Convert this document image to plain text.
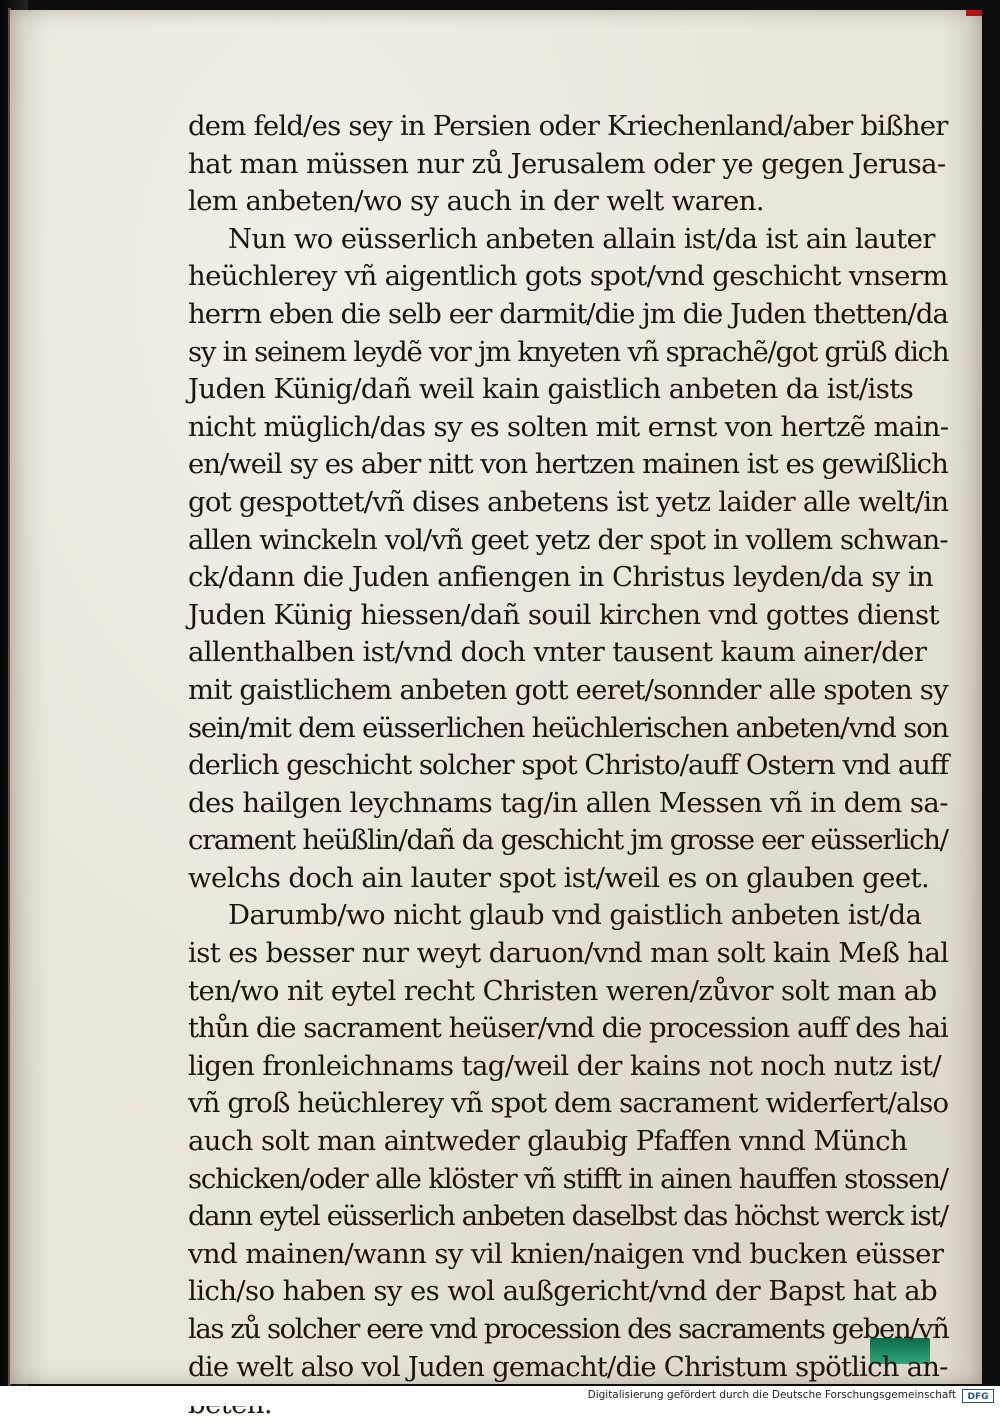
dem feld/es sey in Persien oder Kriechenland/aber bißher
hat man müssen nur zů Jerusalem oder ye gegen Jerusa-
lem anbeten/wo sy auch in der welt waren.
Nun wo eüsserlich anbeten allain ist/da ist ain lauter
heüchlerey vñ aigentlich gots spot/vnd geschicht vnserm
herrn eben die selb eer darmit/die jm die Juden thetten/da
sy in seinem leydẽ vor jm knyeten vñ sprachẽ/got grüß dich
Juden Künig/dañ weil kain gaistlich anbeten da ist/ists
nicht müglich/das sy es solten mit ernst von hertzẽ main-
en/weil sy es aber nitt von hertzen mainen ist es gewißlich
got gespottet/vñ dises anbetens ist yetz laider alle welt/in
allen winckeln vol/vñ geet yetz der spot in vollem schwan-
ck/dann die Juden anfiengen in Christus leyden/da sy in
Juden Künig hiessen/dañ souil kirchen vnd gottes dienst
allenthalben ist/vnd doch vnter tausent kaum ainer/der
mit gaistlichem anbeten gott eeret/sonnder alle spoten sy
sein/mit dem eüsserlichen heüchlerischen anbeten/vnd son
derlich geschicht solcher spot Christo/auff Ostern vnd auff
des hailgen leychnams tag/in allen Messen vñ in dem sa-
crament heüßlin/dañ da geschicht jm grosse eer eüsserlich/
welchs doch ain lauter spot ist/weil es on glauben geet.
Darumb/wo nicht glaub vnd gaistlich anbeten ist/da
ist es besser nur weyt daruon/vnd man solt kain Meß hal
ten/wo nit eytel recht Christen weren/zůvor solt man ab
thůn die sacrament heüser/vnd die procession auff des hai
ligen fronleichnams tag/weil der kains not noch nutz ist/
vñ groß heüchlerey vñ spot dem sacrament widerfert/also
auch solt man aintweder glaubig Pfaffen vnnd Münch
schicken/oder alle klöster vñ stifft in ainen hauffen stossen/
dann eytel eüsserlich anbeten daselbst das höchst werck ist/
vnd mainen/wann sy vil knien/naigen vnd bucken eüsser
lich/so haben sy es wol außgericht/vnd der Bapst hat ab
las zů solcher eere vnd procession des sacraments geben/vñ
die welt also vol Juden gemacht/die Christum spötlich an-
Digitalisierung gefördert durch die Deutsche Forschungsgemeinschaft	DFG
